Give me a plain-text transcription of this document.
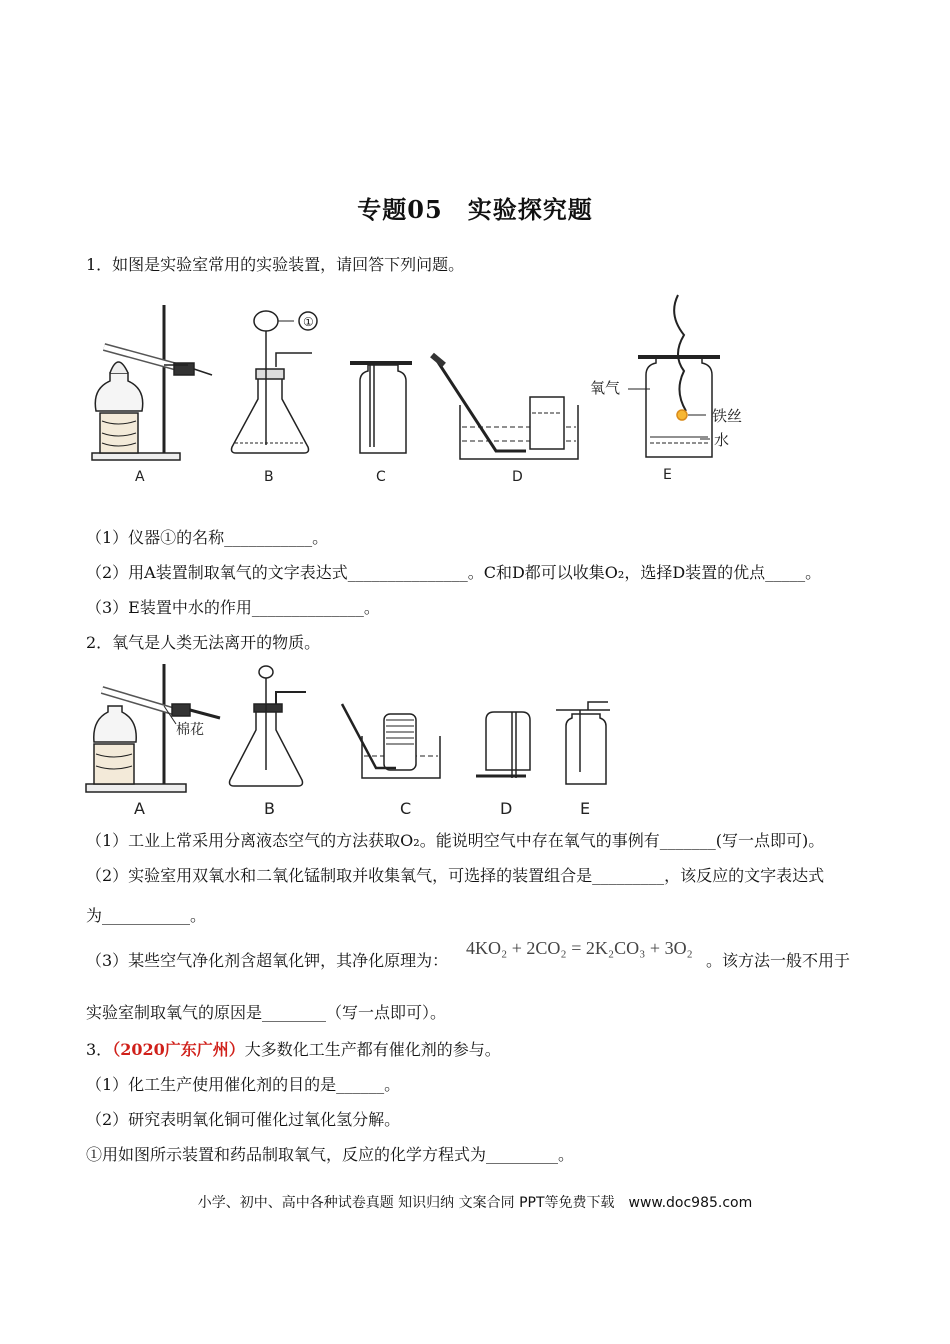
专题05　实验探究题
1．如图是实验室常用的实验装置，请回答下列问题。
A
①
B	C	D
氧气
铁丝
水
E
（1）仪器①的名称___________。
（2）用A装置制取氧气的文字表达式_______________。C和D都可以收集O₂，选择D装置的优点_____。
（3）E装置中水的作用______________。
2．氧气是人类无法离开的物质。
棉花
A	B	C	D	E
（1）工业上常采用分离液态空气的方法获取O₂。能说明空气中存在氧气的事例有_______(写一点即可)。
（2）实验室用双氧水和二氧化锰制取并收集氧气，可选择的装置组合是_________，该反应的文字表达式
为___________。
（3）某些空气净化剂含超氧化钾，其净化原理为：
4KO₂ + 2CO₂ = 2K₂CO₃ + 3O₂
。该方法一般不用于
实验室制取氧气的原因是________（写一点即可）。
3．（2020广东广州）大多数化工生产都有催化剂的参与。
（1）化工生产使用催化剂的目的是______。
（2）研究表明氧化铜可催化过氧化氢分解。
①用如图所示装置和药品制取氧气，反应的化学方程式为_________。
小学、初中、高中各种试卷真题 知识归纳 文案合同 PPT等免费下载　www.doc985.com
